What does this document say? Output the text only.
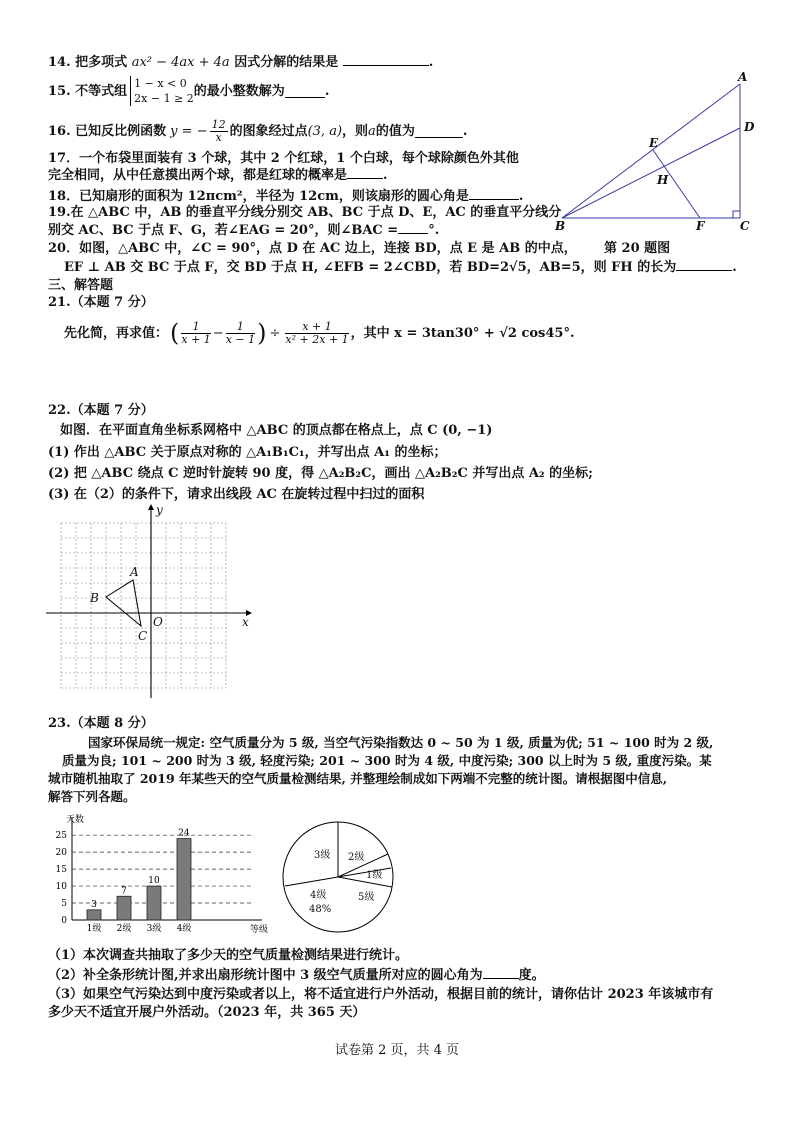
14. 把多项式 ax² − 4ax + 4a 因式分解的结果是	.
15.
不等式组 1 − x < 0
2x − 1 ≥ 2 的最小整数解为	.
16.
已知反比例函数 y = − $\frac{12}{x}$ 的图象经过点 (3, a) ，则 a 的值为	.
17．一个布袋里面装有 3 个球，其中 2 个红球，1 个白球，每个球除颜色外其他
完全相同，从中任意摸出两个球，都是红球的概率是	.
18．已知扇形的面积为 12πcm²，半径为 12cm，则该扇形的圆心角是	.
19.在 △ABC 中，AB 的垂直平分线分别交 AB、BC 于点 D、E，AC 的垂直平分线分
别交 AC、BC 于点 F、G，若∠EAG = 20°，则∠BAC = °.
20．如图，△ABC 中，∠C = 90°，点 D 在 AC 边上，连接 BD，点 E 是 AB 的中点， 第 20 题图
EF ⊥ AB 交 BC 于点 F，交 BD 于点 H, ∠EFB = 2∠CBD，若 BD=2√5，AB=5，则 FH 的长为	.
A
B	C
D
E
F
H
三、解答题
21.（本题 7 分）
先化简，再求值： ( $\frac{1}{x + 1} - \frac{1}{x - 1}$ ) ÷ $\frac{x + 1}{\text{x² + 2x + 1}}$ ，其中 x = 3tan30° + √2 cos45°.
22.（本题 7 分）
如图．在平面直角坐标系网格中 △ABC 的顶点都在格点上，点 C (0, −1)
(1) 作出 △ABC 关于原点对称的 △A₁B₁C₁，并写出点 A₁ 的坐标；
(2) 把 △ABC 绕点 C 逆时针旋转 90 度，得 △A₂B₂C，画出 △A₂B₂C 并写出点 A₂ 的坐标;
(3) 在（2）的条件下，请求出线段 AC 在旋转过程中扫过的面积
x
y
O
A
B
C
23.（本题 8 分）
国家环保局统一规定: 空气质量分为 5 级, 当空气污染指数达 0 ~ 50 为 1 级, 质量为优; 51 ~ 100 时为 2 级,
质量为良; 101 ~ 200 时为 3 级, 轻度污染; 201 ~ 300 时为 4 级, 中度污染; 300 以上时为 5 级, 重度污染。某
城市随机抽取了 2019 年某些天的空气质量检测结果, 并整理绘制成如下两端不完整的统计图。请根据图中信息,
解答下列各题。
天数
等级
0
5
10
15
20
25
3
1级
7
2级
10
3级
24
4级
3级 2级
1级
5级
4级
48%
（1）本次调查共抽取了多少天的空气质量检测结果进行统计。
（2）补全条形统计图,并求出扇形统计图中 3 级空气质量所对应的圆心角为	度。
（3）如果空气污染达到中度污染或者以上，将不适宜进行户外活动，根据目前的统计，请你估计 2023 年该城市有
多少天不适宜开展户外活动。（2023 年，共 365 天）
试卷第 2 页，共 4 页
